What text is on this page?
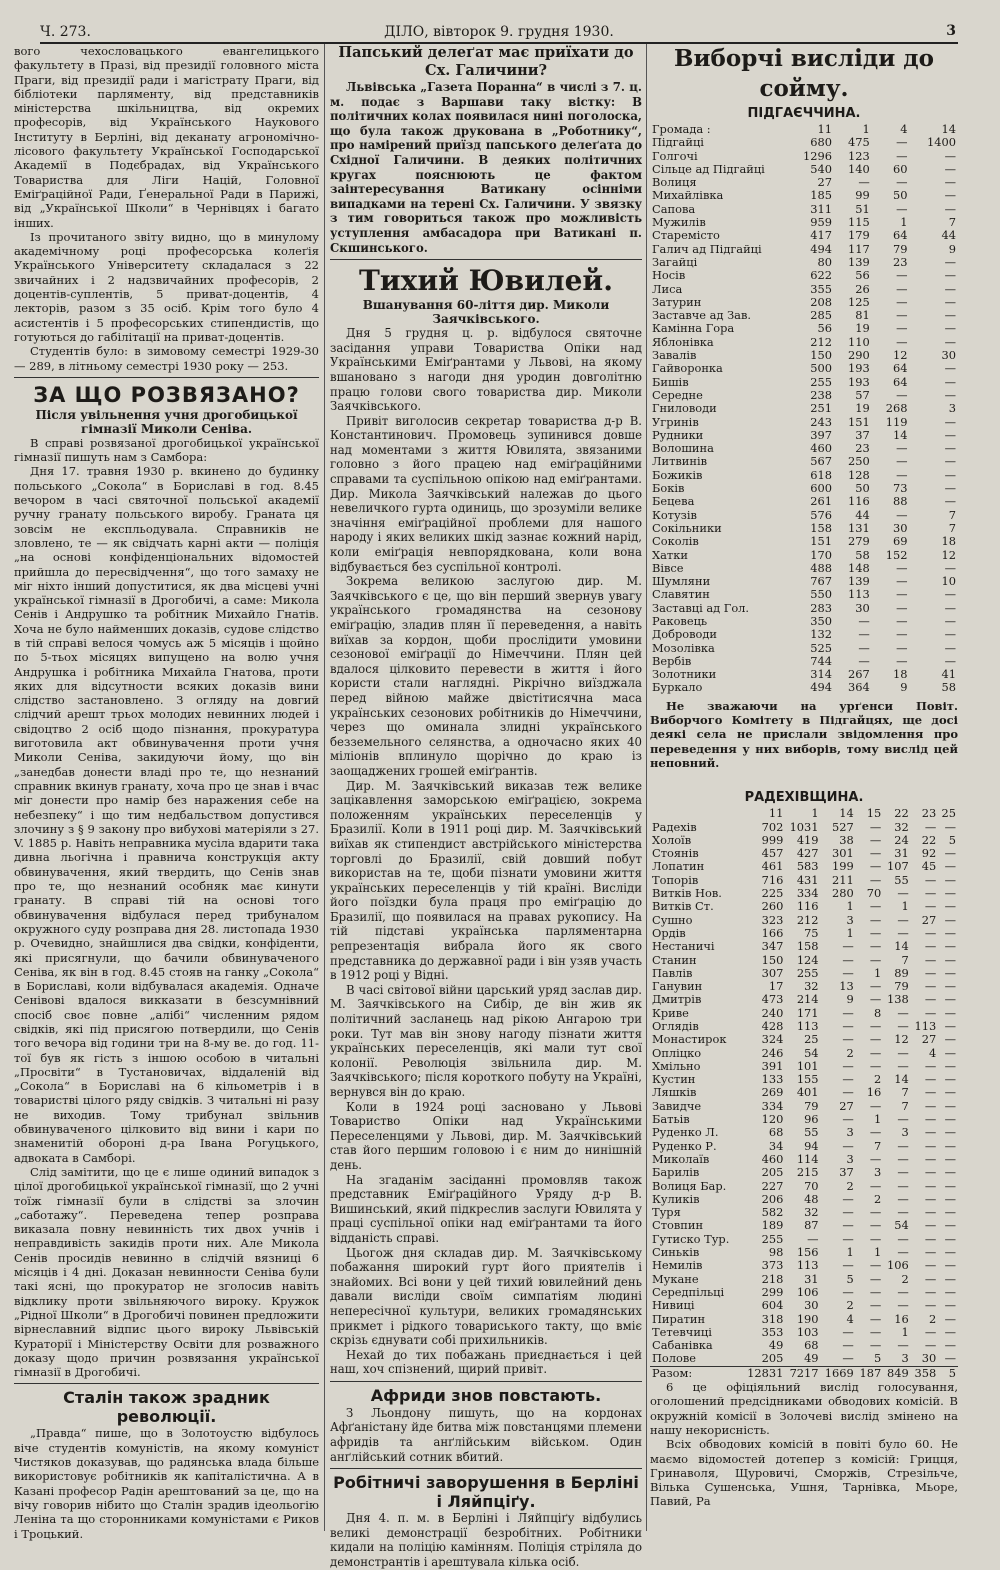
Ч. 273.	ДІЛО, вівторок 9. грудня 1930.	3

вого чехословацького евангелицького факультету в Празі, від президії головного міста Праги, від президії ради і магістрату Праги, від бібліотеки парляменту, від представників міністерства шкільництва, від окремих професорів, від Українського Наукового Інституту в Берліні, від деканату агрономічно-лісового факультету Української Господарської Академії в Подєбрадах, від Українського Товариства для Ліги Націй, Головної Еміґраційної Ради, Ґенеральної Ради в Парижі, від „Української Школи“ в Чернівцях і багато інших.

Із прочитаного звіту видно, що в минулому академічному році професорська колеґія Українського Університету складалася з 22 звичайних і 2 надзвичайних професорів, 2 доцентів-суплентів, 5 приват-доцентів, 4 лекторів, разом з 35 осіб. Крім того було 4 асистентів і 5 професорських стипендистів, що готуються до габілітації на приват-доцентів.

Студентів було: в зимовому семестрі 1929-30 — 289, в літньому семестрі 1930 року — 253.

ЗА ЩО РОЗВЯЗАНО?
Після увільнення учня дрогобицької гімназії Миколи Сеніва.

В справі розвязаної дрогобицької української гімназії пишуть нам з Самбора:

Дня 17. травня 1930 р. вкинено до будинку польського „Сокола“ в Бориславі в год. 8.45 вечором в часі святочної польської академії ручну гранату польського виробу. Граната ця зовсім не експльодувала. Справників не зловлено, те — як свідчать карні акти — поліція „на основі конфіденціональних відомостей прийшла до пересвідчення“, що того замаху не міг ніхто інший допуститися, як два місцеві учні української гімназії в Дрогобичі, а саме: Микола Сенів і Андрушко та робітник Михайло Гнатів. Хоча не було найменших доказів, судове слідство в тій справі велося чомусь аж 5 місяців і щойно по 5-тьох місяцях випущено на волю учня Андрушка і робітника Михайла Гнатова, проти яких для відсутности всяких доказів вини слідство застановлено. З огляду на довгий слідчий арешт трьох молодих невинних людей і свідоцтво 2 осіб щодо пізнання, прокуратура виготовила акт обвинувачення проти учня Миколи Сеніва, закидуючи йому, що він „занедбав донести владі про те, що незнаний справник вкинув гранату, хоча про це знав і вчас міг донести про намір без наражения себе на небезпеку“ і що тим недбальством допустився злочину з § 9 закону про вибухові матеріяли з 27. V. 1885 р. Навіть неправника мусіла вдарити така дивна льогічна і правнича конструкція акту обвинувачення, який твердить, що Сенів знав про те, що незнаний особняк має кинути гранату. В справі тій на основі того обвинувачення відбулася перед трибуналом окружного суду розправа дня 28. листопада 1930 р. Очевидно, знайшлися два свідки, конфіденти, які присягнули, що бачили обвинуваченого Сеніва, як він в год. 8.45 стояв на ганку „Сокола“ в Бориславі, коли відбувалася академія. Одначе Сенівові вдалося викказати в безсумнівний спосіб своє повне „алібі“ численним рядом свідків, які під присягою потвердили, що Сенів того вечора від години три на 8-му ве. до год. 11-тої був як гість з іншою особою в читальні „Просвіти“ в Тустановичах, віддаленій від „Сокола“ в Бориславі на 6 кільометрів і в товаристві цілого ряду свідків. З читальні ні разу не виходив. Тому трибунал звільнив обвинуваченого цілковито від вини і кари по знаменитій обороні д-ра Івана Рогуцького, адвоката в Самборі.

Слід замітити, що це є лише одиний випадок з цілої дрогобицької української гімназії, що 2 учні тоїж гімназії були в слідстві за злочин „саботажу“. Переведена тепер розправа виказала повну невинність тих двох учнів і неправдивість закидів проти них. Але Микола Сенів просидів невинно в слідчій вязниці 6 місяців і 4 дні. Доказан невинности Сеніва були такі ясні, що прокуратор не зголосив навіть відклику проти звільняючого вироку. Кружок „Рідної Школи“ в Дрогобичі повинен предложити вірнеславний відпис цього вироку Львівській Кураторії і Міністерству Освіти для розважного доказу щодо причин розвязання української гімназії в Дрогобичі.

Сталін також зрадник революції.

„Правда“ пише, що в Золотоустю відбулось віче студентів комуністів, на якому комуніст Чистяков доказував, що радянська влада більше використовує робітників як капіталістична. А в Казані професор Радін арештований за це, що на вічу говорив нібито що Сталін зрадив ідеольогію Леніна та що сторонниками комуністами є Риков і Троцький.

Папський делеґат має приїхати до Сх. Галичини?

Львівська „Газета Поранна“ в числі з 7. ц. м. подає з Варшави таку вістку: В політичних колах появилася нині поголоска, що була також друкована в „Роботнику“, про намірений приїзд папського делеґата до Східної Галичини. В деяких політичних кругах пояснюють це фактом заінтересування Ватикану осінніми випадками на терені Сх. Галичини. У звязку з тим говориться також про можливість уступлення амбасадора при Ватикані п. Скшинського.

Тихий Ювилей.
Вшанування 60-ліття дир. Миколи Заячківського.

Дня 5 грудня ц. р. відбулося святочне засідання управи Товариства Опіки над Українськими Еміґрантами у Львові, на якому вшановано з нагоди дня уродин довголітню працю голови свого товариства дир. Миколи Заячківського.

Привіт виголосив секретар товариства д-р В. Константинович. Промовець зупинився довше над моментами з життя Ювилята, звязаними головно з його працею над еміґраційними справами та суспільною опікою над еміґрантами. Дир. Микола Заячківський належав до цього невеличкого гурта одиниць, що зрозуміли велике значіння еміґраційної проблеми для нашого народу і яких великих шкід зазнає кожний нарід, коли еміґрація невпорядкована, коли вона відбувається без суспільної контролі.

Зокрема великою заслугою дир. М. Заячківського є це, що він перший звернув увагу українського громадянства на сезонову еміґрацію, зладив плян її переведення, а навіть виїхав за кордон, щоби прослідити умовини сезонової еміґрації до Німеччини. Плян цей вдалося цілковито перевести в життя і його користи стали наглядні. Рікрічно виїзджала перед війною майже двістітисячна маса українських сезонових робітників до Німеччини, через що оминала злидні українського безземельного селянства, а одночасно яких 40 міліонів вплинуло щорічно до краю із заощаджених грошей еміґрантів.

Дир. М. Заячківський виказав теж велике зацікавлення заморською еміґрацією, зокрема положенням українських переселенців у Бразилії. Коли в 1911 році дир. М. Заячківський виїхав як стипендист австрійського міністерства торговлі до Бразилії, свій довший побут використав на те, щоби пізнати умовини життя українських переселенців у тій країні. Висліди його поїздки була праця про еміґрацію до Бразилії, що появилася на правах рукопису. На тій підставі українська парляментарна репрезентація вибрала його як свого представника до державної ради і він узяв участь в 1912 році у Відні.

В часі світової війни царський уряд заслав дир. М. Заячківського на Сибір, де він жив як політичний засланець над рікою Ангарою три роки. Тут мав він знову нагоду пізнати життя українських переселенців, які мали тут свої колонії. Революція звільнила дир. М. Заячківського; після короткого побуту на Україні, вернувся він до краю.

Коли в 1924 році засновано у Львові Товариство Опіки над Українськими Переселенцями у Львові, дир. М. Заячківський став його першим головою і є ним до нинішній день.

На згаданім засіданні промовляв також представник Еміґраційного Уряду д-р В. Вишинський, який підкреслив заслуги Ювилята у праці суспільної опіки над еміґрантами та його відданість справі.

Цьогож дня складав дир. М. Заячківському побажання широкий гурт його приятелів і знайомих. Всі вони у цей тихий ювилейний день давали висліди своїм симпатіям людині непересічної культури, великих громадянських прикмет і рідкого товариського такту, що вміє скрізь єднувати собі прихильників.

Нехай до тих побажань приєднається і цей наш, хоч спізнений, щирий привіт.

Африди знов повстають.

З Льондону пишуть, що на кордонах Афґаністану йде битва між повстанцями племени афридів та анґлійським військом. Один анґлійський сотник вбитий.

Робітничі заворушення в Берліні і Ляйпціґу.

Дня 4. п. м. в Берліні і Ляйпціґу відбулись великі демонстрації безробітних. Робітники кидали на поліцію камінням. Поліція стріляла до демонстрантів і арештувала кілька осіб.

Виборчі висліди до сойму.
ПІДГАЄЧЧИНА.
Громада :	11	1	4	14
Підгайці	680	475	—	1400
Голгочі	1296	123	—	—
Сільце ад Підгайці	540	140	60	—
Волиця	27	—	—	—
Михайлівка	185	99	50	—
Сапова	311	51	—	—
Мужилів	959	115	1	7
Старемісто	417	179	64	44
Галич ад Підгайці	494	117	79	9
Загайці	80	139	23	—
Носів	622	56	—	—
Лиса	355	26	—	—
Затурин	208	125	—	—
Заставче ад Зав.	285	81	—	—
Камінна Гора	56	19	—	—
Яблонівка	212	110	—	—
Завалів	150	290	12	30
Гайворонка	500	193	64	—
Бишів	255	193	64	—
Середне	238	57	—	—
Гниловоди	251	19	268	3
Угринів	243	151	119	—
Рудники	397	37	14	—
Волошина	460	23	—	—
Литвинів	567	250	—	—
Божиків	618	128	—	—
Боків	600	50	73	—
Бецева	261	116	88	—
Котузів	576	44	—	7
Сокільники	158	131	30	7
Соколів	151	279	69	18
Хатки	170	58	152	12
Вівсе	488	148	—	—
Шумляни	767	139	—	10
Славятин	550	113	—	—
Заставці ад Гол.	283	30	—	—
Раковець	350	—	—	—
Доброводи	132	—	—	—
Мозолівка	525	—	—	—
Вербів	744	—	—	—
Золотники	314	267	18	41
Буркало	494	364	9	58

Не зважаючи на урґенси Повіт. Виборчого Комітету в Підгайцях, ще досі деякі села не прислали звідомлення про переведення у них виборів, тому вислід цей неповний.

РАДЕХІВЩИНА.
	11	1	14	15	22	23	25
Радехів	702	1031	527	—	32	—	—
Холоїв	999	419	38	—	24	22	5
Стоянів	457	427	301	—	31	92	—
Лопатин	461	583	199	—	107	45	—
Топорів	716	431	211	—	55	—	—
Витків Нов.	225	334	280	70	—	—	—
Витків Ст.	260	116	1	—	1	—	—
Сушно	323	212	3	—	—	27	—
Ордів	166	75	1	—	—	—	—
Нестаничі	347	158	—	—	14	—	—
Станин	150	124	—	—	7	—	—
Павлів	307	255	—	1	89	—	—
Ганувин	17	32	13	—	79	—	—
Дмитрів	473	214	9	—	138	—	—
Криве	240	171	—	8	—	—	—
Оглядів	428	113	—	—	—	113	—
Монастирок	324	25	—	—	12	27	—
Опліцко	246	54	2	—	—	4	—
Хмільно	391	101	—	—	—	—	—
Кустин	133	155	—	2	14	—	—
Ляшків	269	401	—	16	7	—	—
Завидче	334	79	27	—	7	—	—
Батьів	120	96	—	1	—	—	—
Руденко Л.	68	55	3	—	3	—	—
Руденко Р.	34	94	—	7	—	—	—
Миколаїв	460	114	3	—	—	—	—
Барилів	205	215	37	3	—	—	—
Волиця Бар.	227	70	2	—	—	—	—
Куликів	206	48	—	2	—	—	—
Туря	582	32	—	—	—	—	—
Стовпин	189	87	—	—	54	—	—
Гутиско Тур.	255	—	—	—	—	—	—
Синьків	98	156	1	1	—	—	—
Немилів	373	113	—	—	106	—	—
Мукане	218	31	5	—	2	—	—
Середпільці	299	106	—	—	—	—	—
Нивиці	604	30	2	—	—	—	—
Пиратин	318	190	4	—	16	2	—
Тетевчиці	353	103	—	—	1	—	—
Сабанівка	49	68	—	—	—	—	—
Полове	205	49	—	5	3	30	—
Разом:	12831	7217	1669	187	849	358	5

6 це офіціяльний вислід голосування, оголошений предсідниками обводових комісій. В окружній комісії в Золочеві вислід змінено на нашу некорисність.

Всіх обводових комісій в повіті було 60. Не маємо відомостей дотепер з комісій: Грицця, Гринаволя, Щуровичі, Сморжів, Стрезільче, Вілька Сушенська, Ушня, Тарнівка, Мьоре, Павий, Ра
